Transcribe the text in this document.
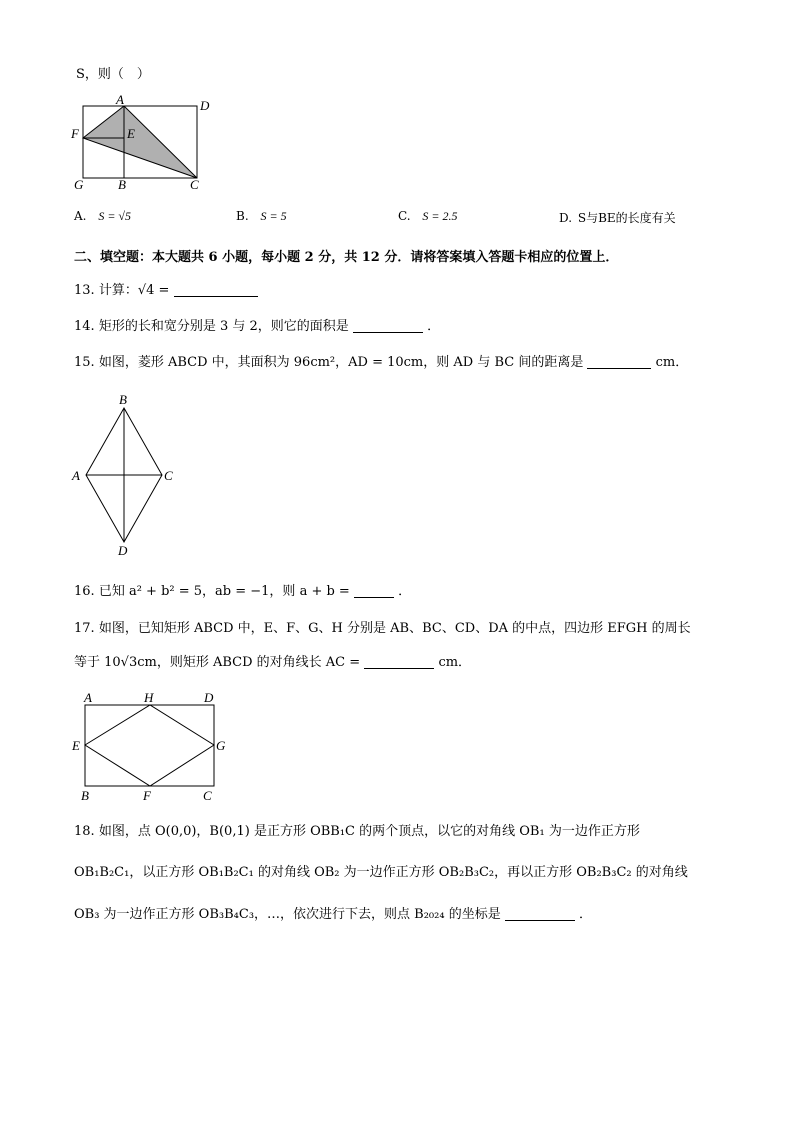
S，则（　）
A	D
F	E
G	B	C
A. S = √5	B. S = 5	C. S = 2.5	D. S与BE的长度有关
二、填空题：本大题共 6 小题，每小题 2 分，共 12 分．请将答案填入答题卡相应的位置上．
13. 计算：√4 =
14. 矩形的长和宽分别是 3 与 2，则它的面积是	．
15. 如图，菱形 ABCD 中，其面积为 96cm²，AD = 10cm，则 AD 与 BC 间的距离是	cm．
B
A	C
D
16. 已知 a² + b² = 5，ab = −1，则 a + b =	．
17. 如图，已知矩形 ABCD 中，E、F、G、H 分别是 AB、BC、CD、DA 的中点，四边形 EFGH 的周长
等于 10√3cm，则矩形 ABCD 的对角线长 AC =	cm．
A	H	D
E	G
B	F	C
18. 如图，点 O(0,0)，B(0,1) 是正方形 OBB₁C 的两个顶点，以它的对角线 OB₁ 为一边作正方形
OB₁B₂C₁，以正方形 OB₁B₂C₁ 的对角线 OB₂ 为一边作正方形 OB₂B₃C₂，再以正方形 OB₂B₃C₂ 的对角线
OB₃ 为一边作正方形 OB₃B₄C₃，…，依次进行下去，则点 B₂₀₂₄ 的坐标是	．
